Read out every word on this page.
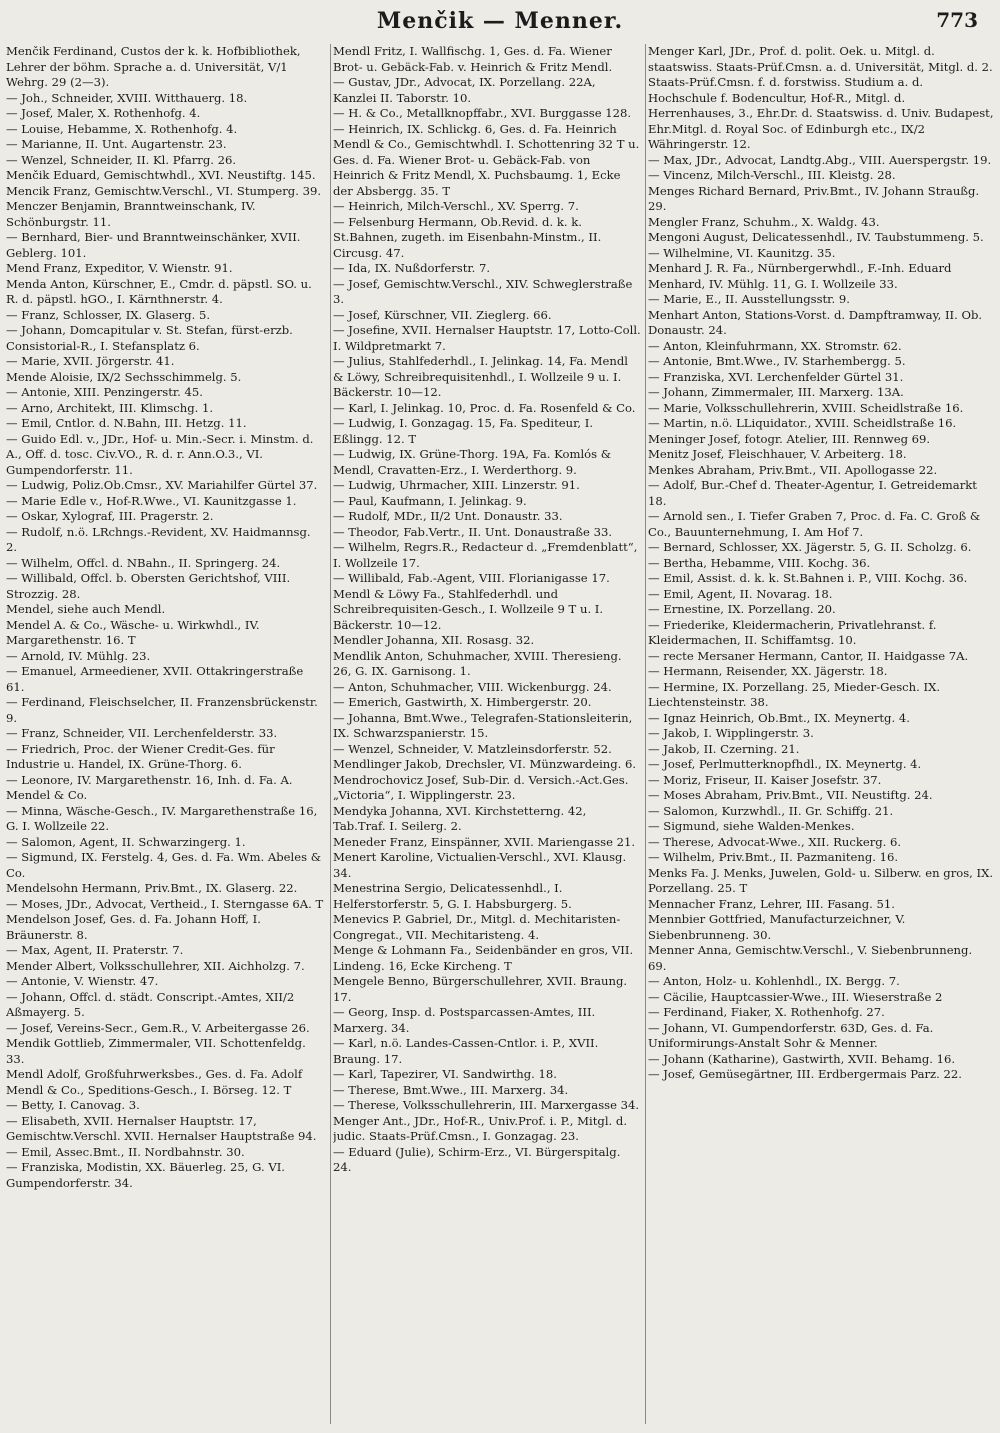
Menčik — Menner.	773

Menčik Ferdinand, Custos der k. k. Hofbibliothek, Lehrer der böhm. Sprache a. d. Universität, V/1 Wehrg. 29 (2—3).

— Joh., Schneider, XVIII. Witthauerg. 18.

— Josef, Maler, X. Rothenhofg. 4.

— Louise, Hebamme, X. Rothenhofg. 4.

— Marianne, II. Unt. Augartenstr. 23.

— Wenzel, Schneider, II. Kl. Pfarrg. 26.

Menčik Eduard, Gemischtwhdl., XVI. Neustiftg. 145.

Mencik Franz, Gemischtw.Verschl., VI. Stumperg. 39.

Menczer Benjamin, Branntweinschank, IV. Schönburgstr. 11.

— Bernhard, Bier- und Branntweinschänker, XVII. Geblerg. 101.

Mend Franz, Expeditor, V. Wienstr. 91.

Menda Anton, Kürschner, E., Cmdr. d. päpstl. SO. u. R. d. päpstl. hGO., I. Kärnthnerstr. 4.

— Franz, Schlosser, IX. Glaserg. 5.

— Johann, Domcapitular v. St. Stefan, fürst-erzb. Consistorial-R., I. Stefansplatz 6.

— Marie, XVII. Jörgerstr. 41.

Mende Aloisie, IX/2 Sechsschimmelg. 5.

— Antonie, XIII. Penzingerstr. 45.

— Arno, Architekt, III. Klimschg. 1.

— Emil, Cntlor. d. N.Bahn, III. Hetzg. 11.

— Guido Edl. v., JDr., Hof- u. Min.-Secr. i. Minstm. d. A., Off. d. tosc. Civ.VO., R. d. r. Ann.O.3., VI. Gumpendorferstr. 11.

— Ludwig, Poliz.Ob.Cmsr., XV. Mariahilfer Gürtel 37.

— Marie Edle v., Hof-R.Wwe., VI. Kaunitzgasse 1.

— Oskar, Xylograf, III. Pragerstr. 2.

— Rudolf, n.ö. LRchngs.-Revident, XV. Haidmannsg. 2.

— Wilhelm, Offcl. d. NBahn., II. Springerg. 24.

— Willibald, Offcl. b. Obersten Gerichtshof, VIII. Strozzig. 28.

Mendel, siehe auch Mendl.

Mendel A. & Co., Wäsche- u. Wirkwhdl., IV. Margarethenstr. 16. T

— Arnold, IV. Mühlg. 23.

— Emanuel, Armeediener, XVII. Ottakringerstraße 61.

— Ferdinand, Fleischselcher, II. Franzensbrückenstr. 9.

— Franz, Schneider, VII. Lerchenfelderstr. 33.

— Friedrich, Proc. der Wiener Credit-Ges. für Industrie u. Handel, IX. Grüne-Thorg. 6.

— Leonore, IV. Margarethenstr. 16, Inh. d. Fa. A. Mendel & Co.

— Minna, Wäsche-Gesch., IV. Margarethenstraße 16, G. I. Wollzeile 22.

— Salomon, Agent, II. Schwarzingerg. 1.

— Sigmund, IX. Ferstelg. 4, Ges. d. Fa. Wm. Abeles & Co.

Mendelsohn Hermann, Priv.Bmt., IX. Glaserg. 22.

— Moses, JDr., Advocat, Vertheid., I. Sterngasse 6A. T

Mendelson Josef, Ges. d. Fa. Johann Hoff, I. Bräunerstr. 8.

— Max, Agent, II. Praterstr. 7.

Mender Albert, Volksschullehrer, XII. Aichholzg. 7.

— Antonie, V. Wienstr. 47.

— Johann, Offcl. d. städt. Conscript.-Amtes, XII/2 Aßmayerg. 5.

— Josef, Vereins-Secr., Gem.R., V. Arbeitergasse 26.

Mendik Gottlieb, Zimmermaler, VII. Schottenfeldg. 33.

Mendl Adolf, Großfuhrwerksbes., Ges. d. Fa. Adolf Mendl & Co., Speditions-Gesch., I. Börseg. 12. T

— Betty, I. Canovag. 3.

— Elisabeth, XVII. Hernalser Hauptstr. 17, Gemischtw.Verschl. XVII. Hernalser Hauptstraße 94.

— Emil, Assec.Bmt., II. Nordbahnstr. 30.

— Franziska, Modistin, XX. Bäuerleg. 25, G. VI. Gumpendorferstr. 34.

Mendl Fritz, I. Wallfischg. 1, Ges. d. Fa. Wiener Brot- u. Gebäck-Fab. v. Heinrich & Fritz Mendl.

— Gustav, JDr., Advocat, IX. Porzellang. 22A, Kanzlei II. Taborstr. 10.

— H. & Co., Metallknopffabr., XVI. Burggasse 128.

— Heinrich, IX. Schlickg. 6, Ges. d. Fa. Heinrich Mendl & Co., Gemischtwhdl. I. Schottenring 32 T u. Ges. d. Fa. Wiener Brot- u. Gebäck-Fab. von Heinrich & Fritz Mendl, X. Puchsbaumg. 1, Ecke der Absbergg. 35. T

— Heinrich, Milch-Verschl., XV. Sperrg. 7.

— Felsenburg Hermann, Ob.Revid. d. k. k. St.Bahnen, zugeth. im Eisenbahn-Minstm., II. Circusg. 47.

— Ida, IX. Nußdorferstr. 7.

— Josef, Gemischtw.Verschl., XIV. Schweglerstraße 3.

— Josef, Kürschner, VII. Zieglerg. 66.

— Josefine, XVII. Hernalser Hauptstr. 17, Lotto-Coll. I. Wildpretmarkt 7.

— Julius, Stahlfederhdl., I. Jelinkag. 14, Fa. Mendl & Löwy, Schreibrequisitenhdl., I. Wollzeile 9 u. I. Bäckerstr. 10—12.

— Karl, I. Jelinkag. 10, Proc. d. Fa. Rosenfeld & Co.

— Ludwig, I. Gonzagag. 15, Fa. Spediteur, I. Eßlingg. 12. T

— Ludwig, IX. Grüne-Thorg. 19A, Fa. Komlós & Mendl, Cravatten-Erz., I. Werderthorg. 9.

— Ludwig, Uhrmacher, XIII. Linzerstr. 91.

— Paul, Kaufmann, I. Jelinkag. 9.

— Rudolf, MDr., II/2 Unt. Donaustr. 33.

— Theodor, Fab.Vertr., II. Unt. Donaustraße 33.

— Wilhelm, Regrs.R., Redacteur d. „Fremdenblatt“, I. Wollzeile 17.

— Willibald, Fab.-Agent, VIII. Florianigasse 17.

Mendl & Löwy Fa., Stahlfederhdl. und Schreibrequisiten-Gesch., I. Wollzeile 9 T u. I. Bäckerstr. 10—12.

Mendler Johanna, XII. Rosasg. 32.

Mendlik Anton, Schuhmacher, XVIII. Theresieng. 26, G. IX. Garnisong. 1.

— Anton, Schuhmacher, VIII. Wickenburgg. 24.

— Emerich, Gastwirth, X. Himbergerstr. 20.

— Johanna, Bmt.Wwe., Telegrafen-Stationsleiterin, IX. Schwarzspanierstr. 15.

— Wenzel, Schneider, V. Matzleinsdorferstr. 52.

Mendlinger Jakob, Drechsler, VI. Münzwardeing. 6.

Mendrochovicz Josef, Sub-Dir. d. Versich.-Act.Ges. „Victoria“, I. Wipplingerstr. 23.

Mendyka Johanna, XVI. Kirchstetterng. 42, Tab.Traf. I. Seilerg. 2.

Meneder Franz, Einspänner, XVII. Mariengasse 21.

Menert Karoline, Victualien-Verschl., XVI. Klausg. 34.

Menestrina Sergio, Delicatessenhdl., I. Helferstorferstr. 5, G. I. Habsburgerg. 5.

Menevics P. Gabriel, Dr., Mitgl. d. Mechitaristen-Congregat., VII. Mechitaristeng. 4.

Menge & Lohmann Fa., Seidenbänder en gros, VII. Lindeng. 16, Ecke Kircheng. T

Mengele Benno, Bürgerschullehrer, XVII. Braung. 17.

— Georg, Insp. d. Postsparcassen-Amtes, III. Marxerg. 34.

— Karl, n.ö. Landes-Cassen-Cntlor. i. P., XVII. Braung. 17.

— Karl, Tapezirer, VI. Sandwirthg. 18.

— Therese, Bmt.Wwe., III. Marxerg. 34.

— Therese, Volksschullehrerin, III. Marxergasse 34.

Menger Ant., JDr., Hof-R., Univ.Prof. i. P., Mitgl. d. judic. Staats-Prüf.Cmsn., I. Gonzagag. 23.

— Eduard (Julie), Schirm-Erz., VI. Bürgerspitalg. 24.

Menger Karl, JDr., Prof. d. polit. Oek. u. Mitgl. d. staatswiss. Staats-Prüf.Cmsn. a. d. Universität, Mitgl. d. 2. Staats-Prüf.Cmsn. f. d. forstwiss. Studium a. d. Hochschule f. Bodencultur, Hof-R., Mitgl. d. Herrenhauses, 3., Ehr.Dr. d. Staatswiss. d. Univ. Budapest, Ehr.Mitgl. d. Royal Soc. of Edinburgh etc., IX/2 Währingerstr. 12.

— Max, JDr., Advocat, Landtg.Abg., VIII. Auerspergstr. 19.

— Vincenz, Milch-Verschl., III. Kleistg. 28.

Menges Richard Bernard, Priv.Bmt., IV. Johann Straußg. 29.

Mengler Franz, Schuhm., X. Waldg. 43.

Mengoni August, Delicatessenhdl., IV. Taubstummeng. 5.

— Wilhelmine, VI. Kaunitzg. 35.

Menhard J. R. Fa., Nürnbergerwhdl., F.-Inh. Eduard Menhard, IV. Mühlg. 11, G. I. Wollzeile 33.

— Marie, E., II. Ausstellungsstr. 9.

Menhart Anton, Stations-Vorst. d. Dampftramway, II. Ob. Donaustr. 24.

— Anton, Kleinfuhrmann, XX. Stromstr. 62.

— Antonie, Bmt.Wwe., IV. Starhembergg. 5.

— Franziska, XVI. Lerchenfelder Gürtel 31.

— Johann, Zimmermaler, III. Marxerg. 13A.

— Marie, Volksschullehrerin, XVIII. Scheidlstraße 16.

— Martin, n.ö. LLiquidator., XVIII. Scheidlstraße 16.

Meninger Josef, fotogr. Atelier, III. Rennweg 69.

Menitz Josef, Fleischhauer, V. Arbeiterg. 18.

Menkes Abraham, Priv.Bmt., VII. Apollogasse 22.

— Adolf, Bur.-Chef d. Theater-Agentur, I. Getreidemarkt 18.

— Arnold sen., I. Tiefer Graben 7, Proc. d. Fa. C. Groß & Co., Bauunternehmung, I. Am Hof 7.

— Bernard, Schlosser, XX. Jägerstr. 5, G. II. Scholzg. 6.

— Bertha, Hebamme, VIII. Kochg. 36.

— Emil, Assist. d. k. k. St.Bahnen i. P., VIII. Kochg. 36.

— Emil, Agent, II. Novarag. 18.

— Ernestine, IX. Porzellang. 20.

— Friederike, Kleidermacherin, Privatlehranst. f. Kleidermachen, II. Schiffamtsg. 10.

— recte Mersaner Hermann, Cantor, II. Haidgasse 7A.

— Hermann, Reisender, XX. Jägerstr. 18.

— Hermine, IX. Porzellang. 25, Mieder-Gesch. IX. Liechtensteinstr. 38.

— Ignaz Heinrich, Ob.Bmt., IX. Meynertg. 4.

— Jakob, I. Wipplingerstr. 3.

— Jakob, II. Czerning. 21.

— Josef, Perlmutterknopfhdl., IX. Meynertg. 4.

— Moriz, Friseur, II. Kaiser Josefstr. 37.

— Moses Abraham, Priv.Bmt., VII. Neustiftg. 24.

— Salomon, Kurzwhdl., II. Gr. Schiffg. 21.

— Sigmund, siehe Walden-Menkes.

— Therese, Advocat-Wwe., XII. Ruckerg. 6.

— Wilhelm, Priv.Bmt., II. Pazmaniteng. 16.

Menks Fa. J. Menks, Juwelen, Gold- u. Silberw. en gros, IX. Porzellang. 25. T

Mennacher Franz, Lehrer, III. Fasang. 51.

Mennbier Gottfried, Manufacturzeichner, V. Siebenbrunneng. 30.

Menner Anna, Gemischtw.Verschl., V. Siebenbrunneng. 69.

— Anton, Holz- u. Kohlenhdl., IX. Bergg. 7.

— Cäcilie, Hauptcassier-Wwe., III. Wieserstraße 2

— Ferdinand, Fiaker, X. Rothenhofg. 27.

— Johann, VI. Gumpendorferstr. 63D, Ges. d. Fa. Uniformirungs-Anstalt Sohr & Menner.

— Johann (Katharine), Gastwirth, XVII. Behamg. 16.

— Josef, Gemüsegärtner, III. Erdbergermais Parz. 22.
